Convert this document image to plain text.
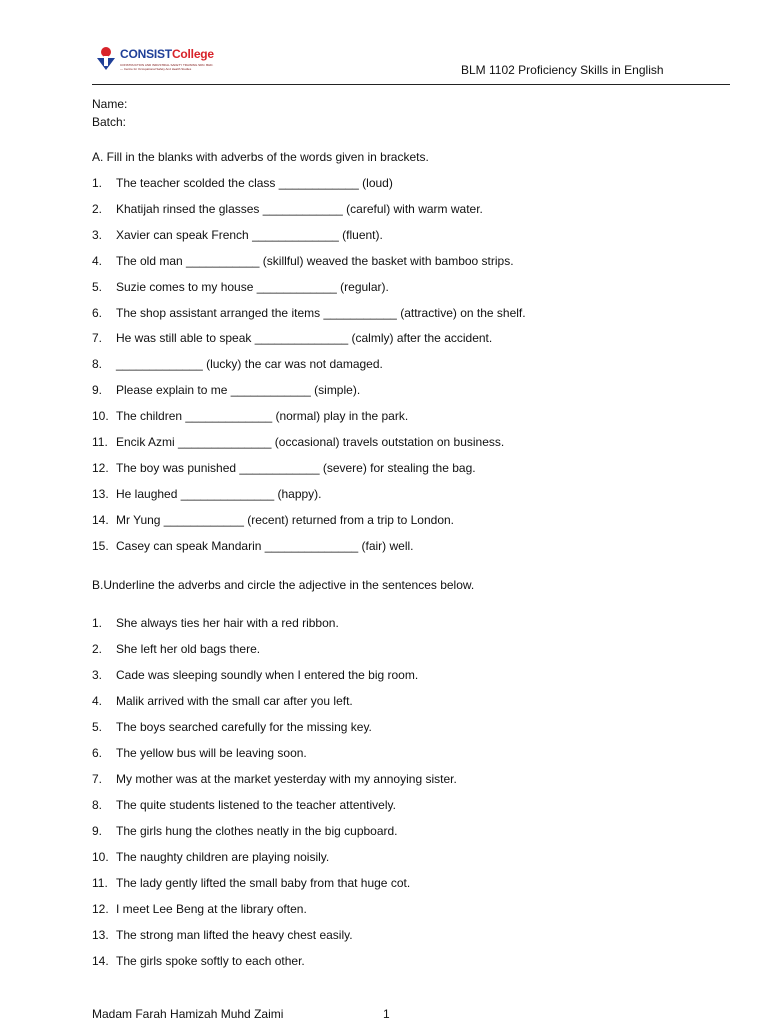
CONSISTCollege
CONSTRUCTION AND INDUSTRIAL SAFETY TRAINING SDN. BHD. — Centre for Occupational Safety And Health Studies	BLM 1102 Proficiency Skills in English
Name:
Batch:
A. Fill in the blanks with adverbs of the words given in brackets.
1.	The teacher scolded the class ____________ (loud)
2.	Khatijah rinsed the glasses ____________ (careful) with warm water.
3.	Xavier can speak French _____________ (fluent).
4.	The old man ___________ (skillful) weaved the basket with bamboo strips.
5.	Suzie comes to my house ____________ (regular).
6.	The shop assistant arranged the items ___________ (attractive) on the shelf.
7.	He was still able to speak ______________ (calmly) after the accident.
8.	_____________ (lucky) the car was not damaged.
9.	Please explain to me ____________ (simple).
10. The children _____________ (normal) play in the park.
11. Encik Azmi ______________ (occasional) travels outstation on business.
12. The boy was punished ____________ (severe) for stealing the bag.
13. He laughed ______________ (happy).
14. Mr Yung ____________ (recent) returned from a trip to London.
15. Casey can speak Mandarin ______________ (fair) well.
B.Underline the adverbs and circle the adjective in the sentences below.
1.	She always ties her hair with a red ribbon.
2.	She left her old bags there.
3.	Cade was sleeping soundly when I entered the big room.
4.	Malik arrived with the small car after you left.
5.	The boys searched carefully for the missing key.
6.	The yellow bus will be leaving soon.
7.	My mother was at the market yesterday with my annoying sister.
8.	The quite students listened to the teacher attentively.
9.	The girls hung the clothes neatly in the big cupboard.
10. The naughty children are playing noisily.
11. The lady gently lifted the small baby from that huge cot.
12. I meet Lee Beng at the library often.
13. The strong man lifted the heavy chest easily.
14. The girls spoke softly to each other.
Madam Farah Hamizah Muhd Zaimi	1
